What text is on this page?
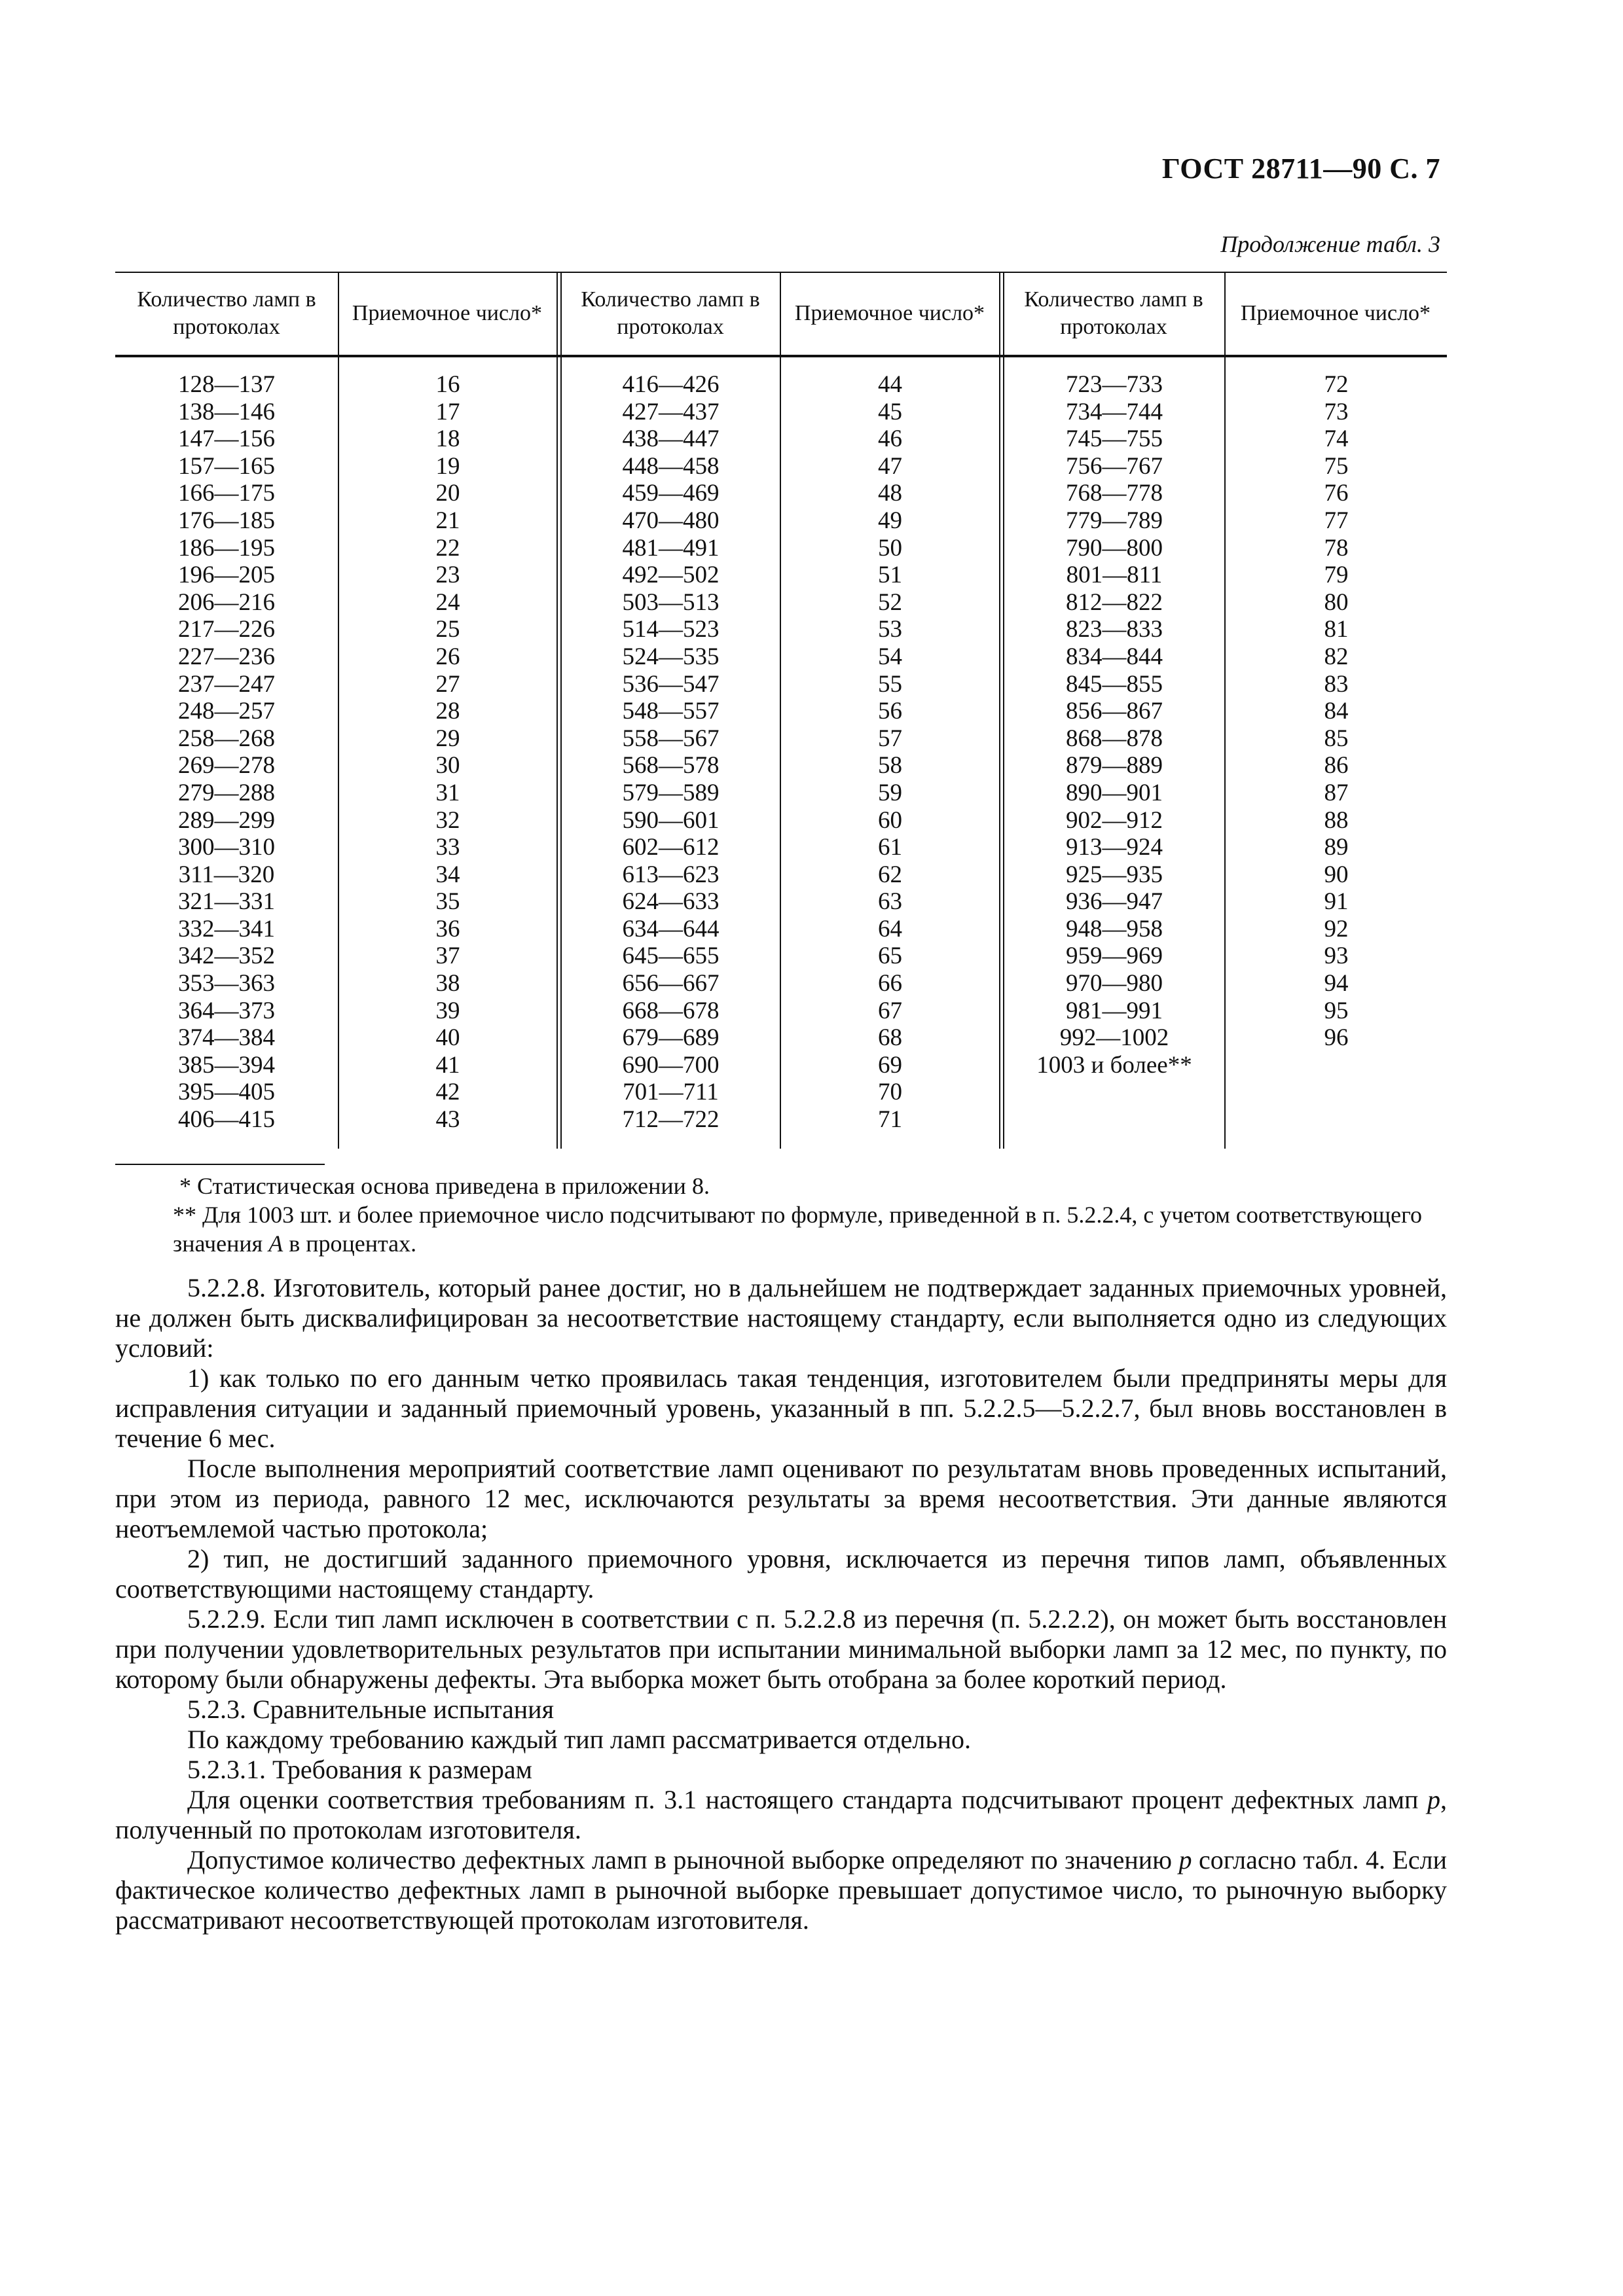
ГОСТ 28711—90 С. 7
Продолжение табл. 3
Количество ламп в протоколах
Приемочное число*
Количество ламп в протоколах
Приемочное число*
Количество ламп в протоколах
Приемочное число*
128—137
138—146
147—156
157—165
166—175
176—185
186—195
196—205
206—216
217—226
227—236
237—247
248—257
258—268
269—278
279—288
289—299
300—310
311—320
321—331
332—341
342—352
353—363
364—373
374—384
385—394
395—405
406—415
16
17
18
19
20
21
22
23
24
25
26
27
28
29
30
31
32
33
34
35
36
37
38
39
40
41
42
43
416—426
427—437
438—447
448—458
459—469
470—480
481—491
492—502
503—513
514—523
524—535
536—547
548—557
558—567
568—578
579—589
590—601
602—612
613—623
624—633
634—644
645—655
656—667
668—678
679—689
690—700
701—711
712—722
44
45
46
47
48
49
50
51
52
53
54
55
56
57
58
59
60
61
62
63
64
65
66
67
68
69
70
71
723—733
734—744
745—755
756—767
768—778
779—789
790—800
801—811
812—822
823—833
834—844
845—855
856—867
868—878
879—889
890—901
902—912
913—924
925—935
936—947
948—958
959—969
970—980
981—991
992—1002
1003 и более**
72
73
74
75
76
77
78
79
80
81
82
83
84
85
86
87
88
89
90
91
92
93
94
95
96

* Статистическая основа приведена в приложении 8.

** Для 1003 шт. и более приемочное число подсчитывают по формуле, приведенной в п. 5.2.2.4, с учетом соответствующего значения А в процентах.

5.2.2.8. Изготовитель, который ранее достиг, но в дальнейшем не подтверждает заданных приемочных уровней, не должен быть дисквалифицирован за несоответствие настоящему стандарту, если выполняется одно из следующих условий:

1) как только по его данным четко проявилась такая тенденция, изготовителем были предприняты меры для исправления ситуации и заданный приемочный уровень, указанный в пп. 5.2.2.5—5.2.2.7, был вновь восстановлен в течение 6 мес.

После выполнения мероприятий соответствие ламп оценивают по результатам вновь проведенных испытаний, при этом из периода, равного 12 мес, исключаются результаты за время несоответствия. Эти данные являются неотъемлемой частью протокола;

2) тип, не достигший заданного приемочного уровня, исключается из перечня типов ламп, объявленных соответствующими настоящему стандарту.

5.2.2.9. Если тип ламп исключен в соответствии с п. 5.2.2.8 из перечня (п. 5.2.2.2), он может быть восстановлен при получении удовлетворительных результатов при испытании минимальной выборки ламп за 12 мес, по пункту, по которому были обнаружены дефекты. Эта выборка может быть отобрана за более короткий период.

5.2.3. Сравнительные испытания

По каждому требованию каждый тип ламп рассматривается отдельно.

5.2.3.1. Требования к размерам

Для оценки соответствия требованиям п. 3.1 настоящего стандарта подсчитывают процент дефектных ламп р, полученный по протоколам изготовителя.

Допустимое количество дефектных ламп в рыночной выборке определяют по значению р согласно табл. 4. Если фактическое количество дефектных ламп в рыночной выборке превышает допустимое число, то рыночную выборку рассматривают несоответствующей протоколам изготовителя.
